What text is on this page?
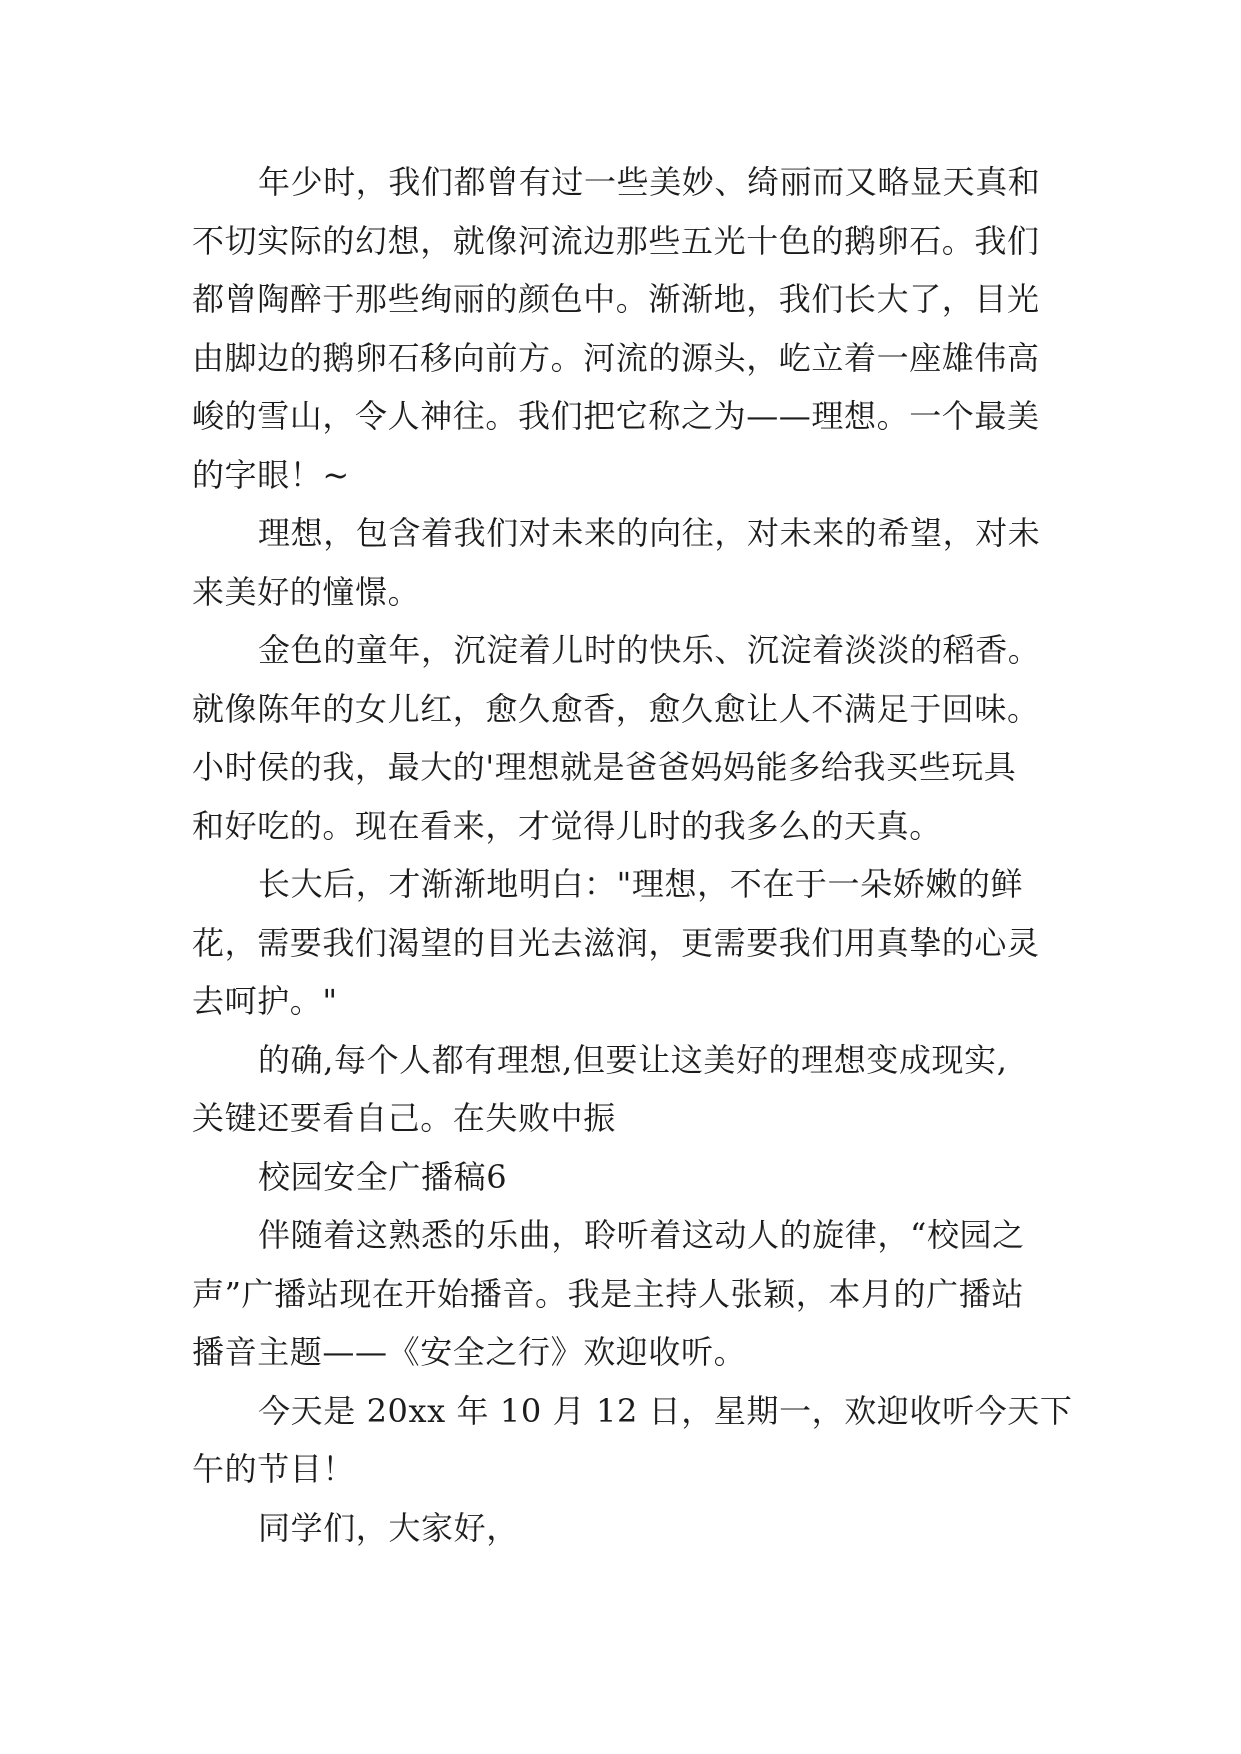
年少时，我们都曾有过一些美妙、绮丽而又略显天真和
不切实际的幻想，就像河流边那些五光十色的鹅卵石。我们
都曾陶醉于那些绚丽的颜色中。渐渐地，我们长大了，目光
由脚边的鹅卵石移向前方。河流的源头，屹立着一座雄伟高
峻的雪山，令人神往。我们把它称之为——理想。一个最美
的字眼！~
理想，包含着我们对未来的向往，对未来的希望，对未
来美好的憧憬。
金色的童年，沉淀着儿时的快乐、沉淀着淡淡的稻香。
就像陈年的女儿红，愈久愈香，愈久愈让人不满足于回味。
小时侯的我，最大的'理想就是爸爸妈妈能多给我买些玩具
和好吃的。现在看来，才觉得儿时的我多么的天真。
长大后，才渐渐地明白："理想，不在于一朵娇嫩的鲜
花，需要我们渴望的目光去滋润，更需要我们用真挚的心灵
去呵护。"
的确,每个人都有理想,但要让这美好的理想变成现实,
关键还要看自己。在失败中振
校园安全广播稿6
伴随着这熟悉的乐曲，聆听着这动人的旋律，“校园之
声”广播站现在开始播音。我是主持人张颖，本月的广播站
播音主题——《安全之行》欢迎收听。
今天是 20xx 年 10 月 12 日，星期一，欢迎收听今天下
午的节目！
同学们，大家好，
